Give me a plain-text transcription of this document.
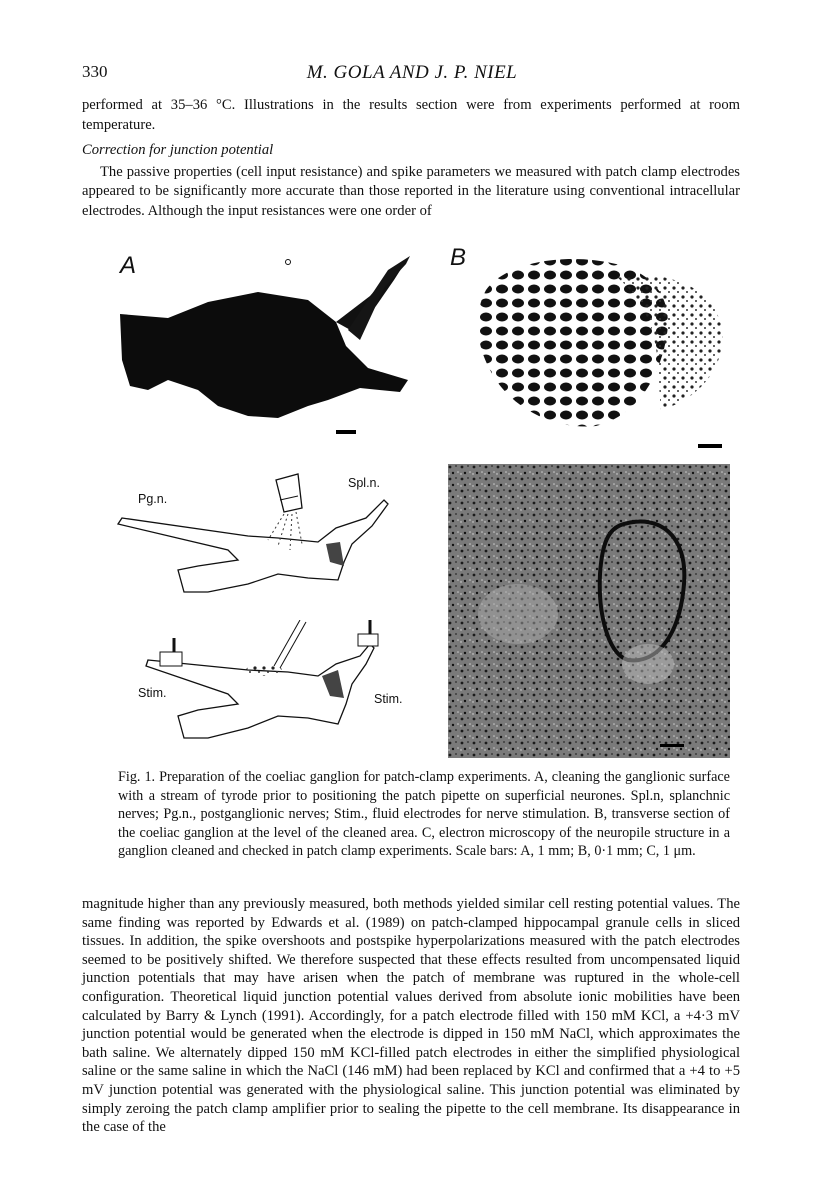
330	M. GOLA AND J. P. NIEL

performed at 35–36 °C. Illustrations in the results section were from experiments performed at room temperature.

Correction for junction potential

The passive properties (cell input resistance) and spike parameters we measured with patch clamp electrodes appeared to be significantly more accurate than those reported in the literature using conventional intracellular electrodes. Although the input resistances were one order of

A	B
Pg.n.
Spl.n.
Stim.	Stim.
Fig. 1. Preparation of the coeliac ganglion for patch-clamp experiments. A, cleaning the ganglionic surface with a stream of tyrode prior to positioning the patch pipette on superficial neurones. Spl.n, splanchnic nerves; Pg.n., postganglionic nerves; Stim., fluid electrodes for nerve stimulation. B, transverse section of the coeliac ganglion at the level of the cleaned area. C, electron microscopy of the neuropile structure in a ganglion cleaned and checked in patch clamp experiments. Scale bars: A, 1 mm; B, 0·1 mm; C, 1 μm.
magnitude higher than any previously measured, both methods yielded similar cell resting potential values. The same finding was reported by Edwards et al. (1989) on patch-clamped hippocampal granule cells in sliced tissues. In addition, the spike overshoots and postspike hyperpolarizations measured with the patch electrodes seemed to be positively shifted. We therefore suspected that these effects resulted from uncompensated liquid junction potentials that may have arisen when the patch of membrane was ruptured in the whole-cell configuration. Theoretical liquid junction potential values derived from absolute ionic mobilities have been calculated by Barry & Lynch (1991). Accordingly, for a patch electrode filled with 150 mM KCl, a +4·3 mV junction potential would be generated when the electrode is dipped in 150 mM NaCl, which approximates the bath saline. We alternately dipped 150 mM KCl-filled patch electrodes in either the simplified physiological saline or the same saline in which the NaCl (146 mM) had been replaced by KCl and confirmed that a +4 to +5 mV junction potential was generated with the physiological saline. This junction potential was eliminated by simply zeroing the patch clamp amplifier prior to sealing the pipette to the cell membrane. Its disappearance in the case of the
